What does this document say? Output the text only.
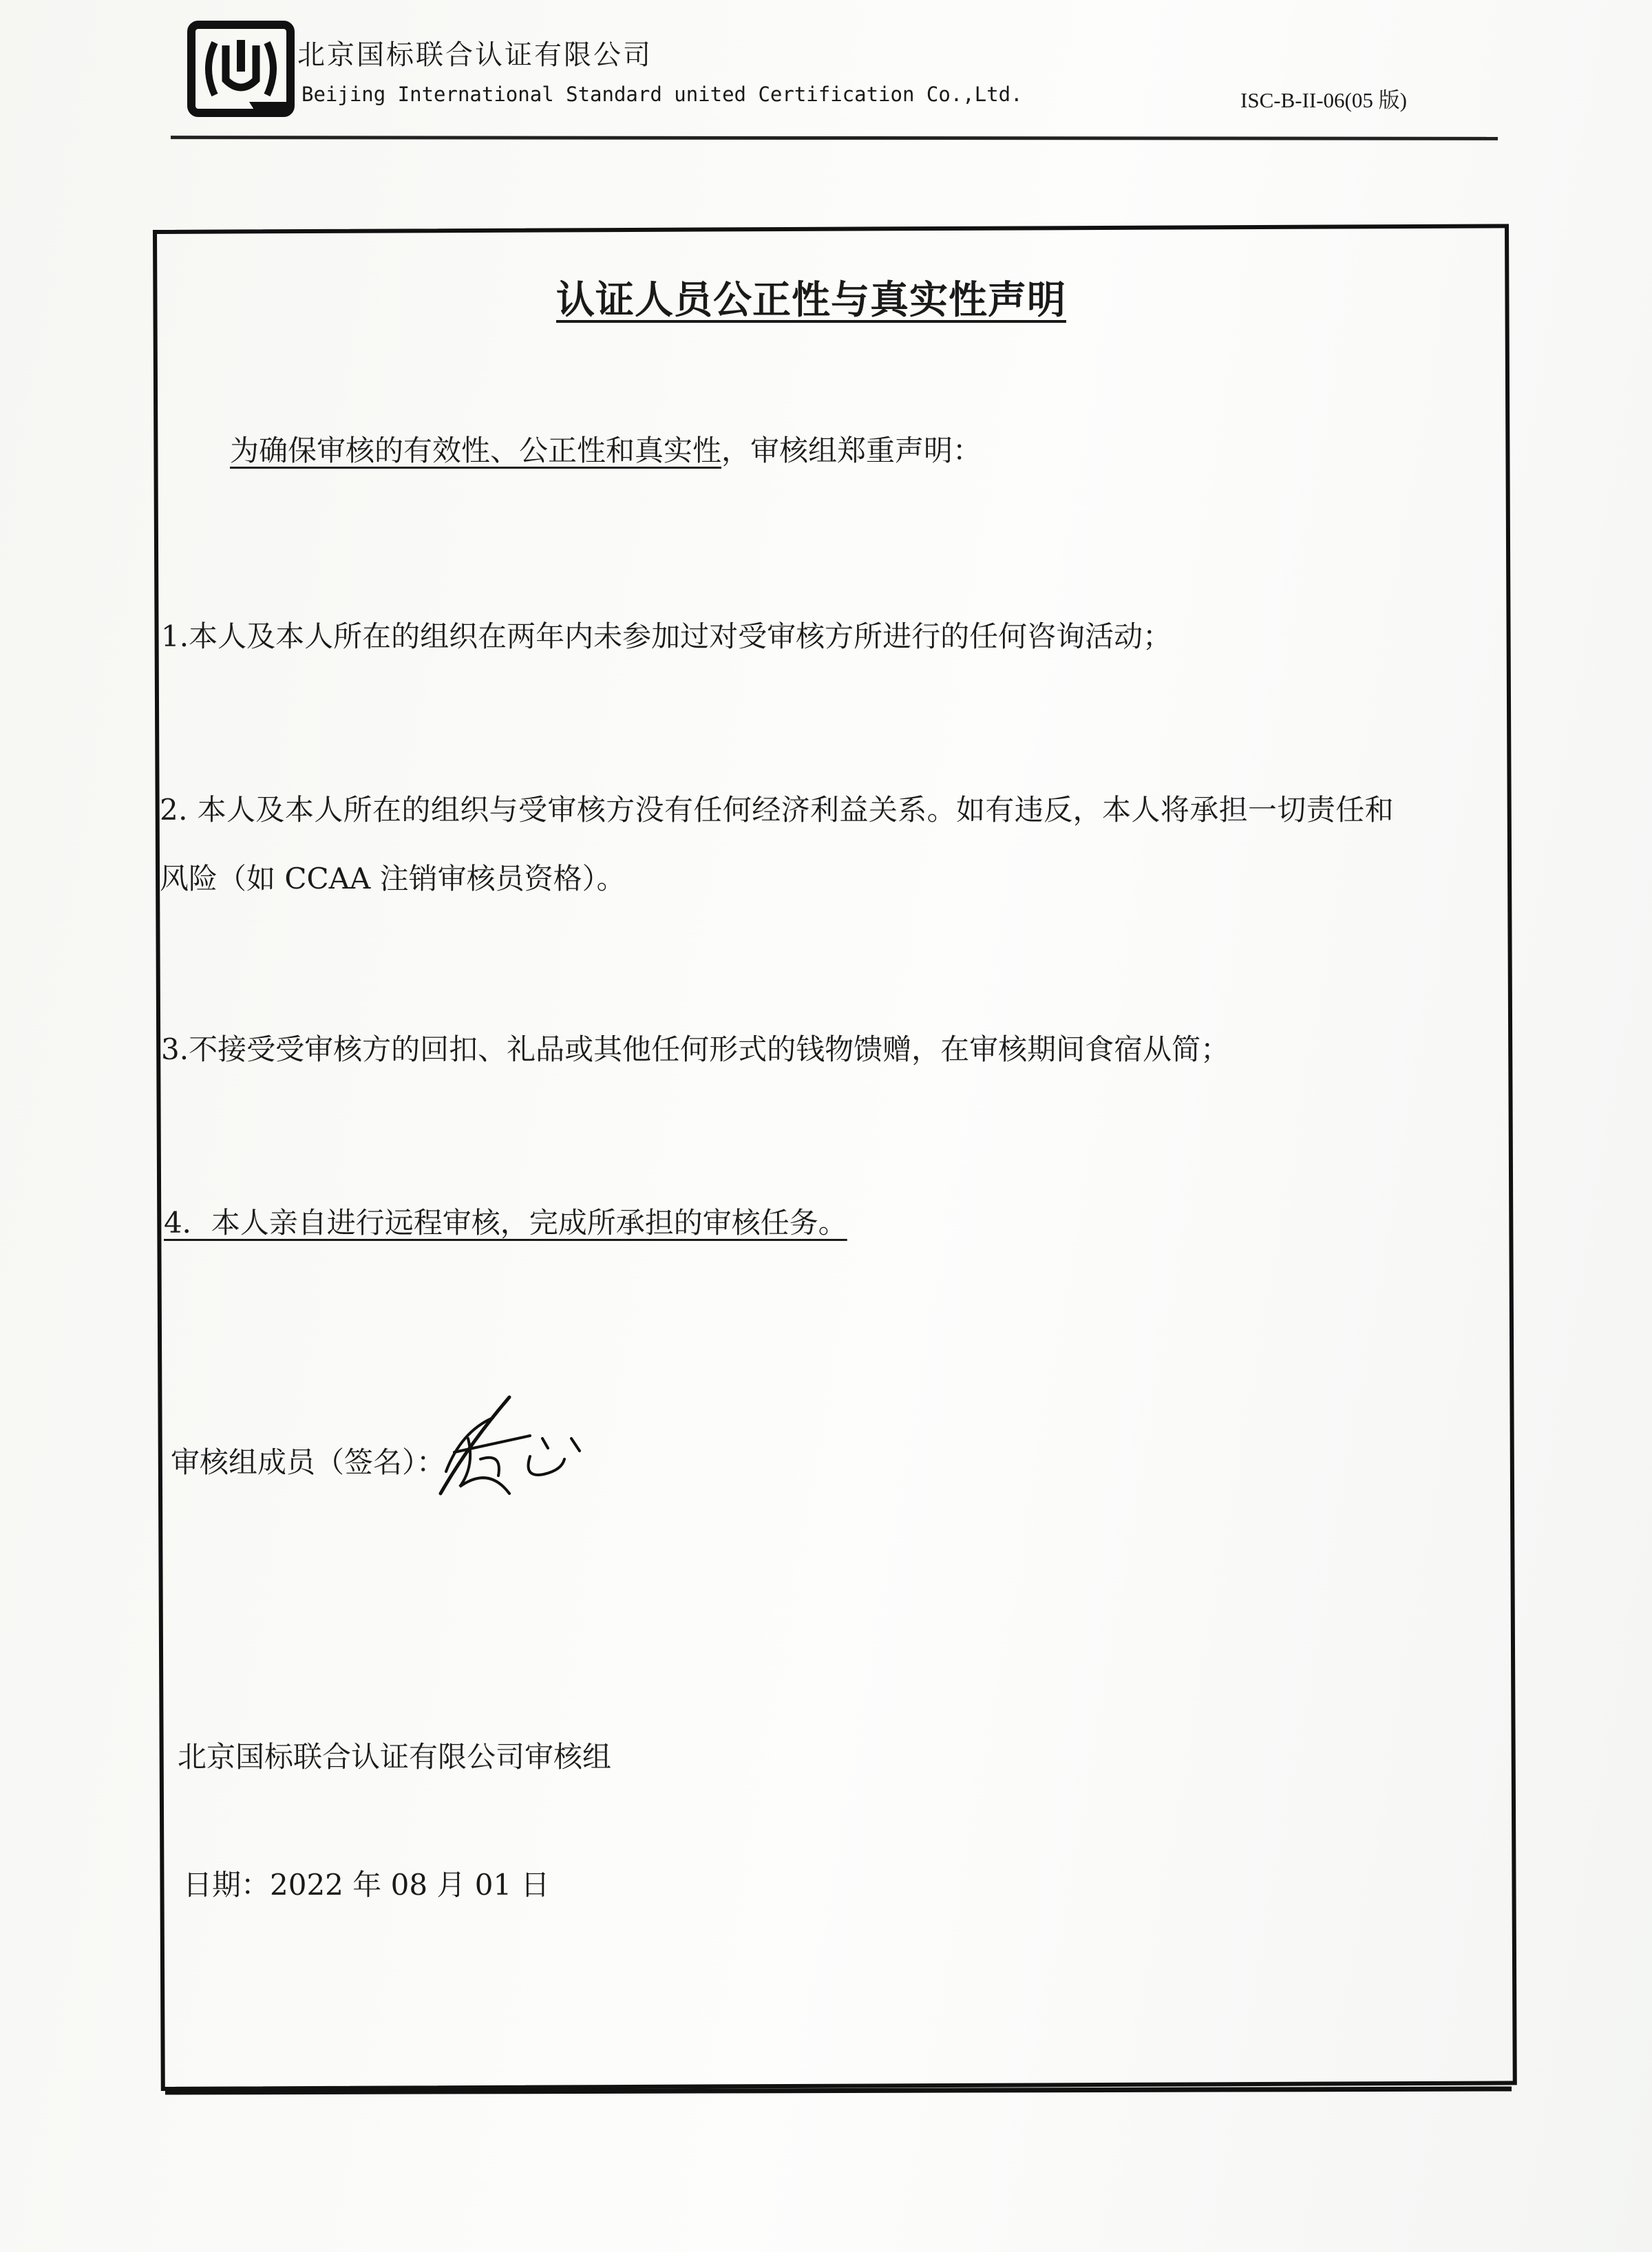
北京国标联合认证有限公司
Beijing International Standard united Certification Co.,Ltd.	ISC-B-II-06(05 版)
认证人员公正性与真实性声明
为确保审核的有效性、公正性和真实性，审核组郑重声明：
1.本人及本人所在的组织在两年内未参加过对受审核方所进行的任何咨询活动；
2. 本人及本人所在的组织与受审核方没有任何经济利益关系。如有违反，本人将承担一切责任和
风险（如 CCAA 注销审核员资格）。
3.不接受受审核方的回扣、礼品或其他任何形式的钱物馈赠，在审核期间食宿从简；
4．本人亲自进行远程审核，完成所承担的审核任务。
审核组成员（签名）：
北京国标联合认证有限公司审核组
日期：2022 年 08 月 01 日
